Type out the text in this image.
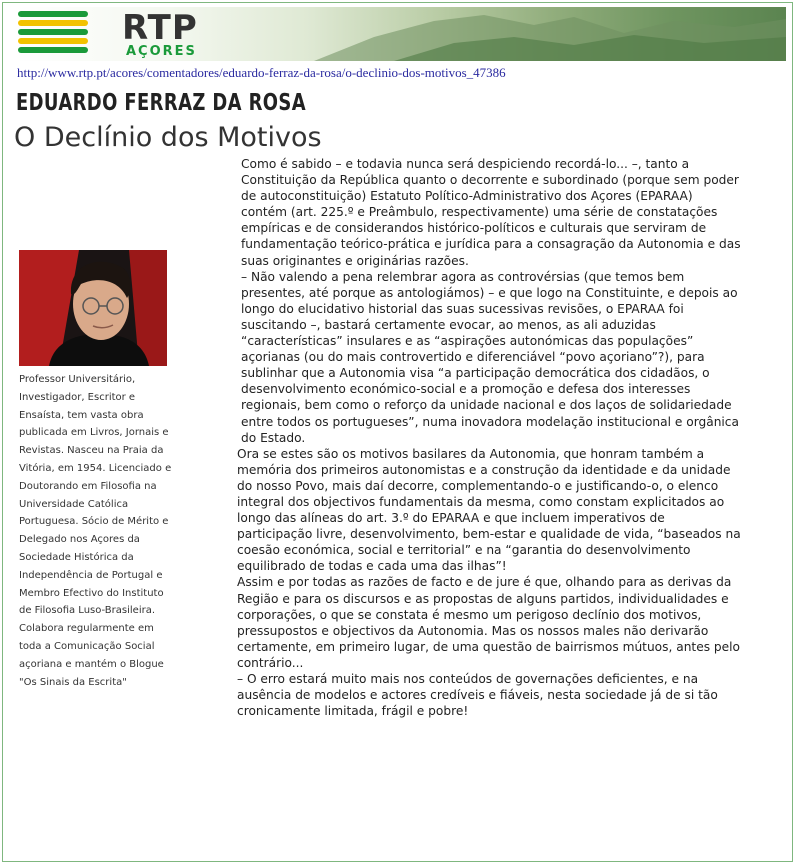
RTP
AÇORES
http://www.rtp.pt/acores/comentadores/eduardo-ferraz-da-rosa/o-declinio-dos-motivos_47386
EDUARDO FERRAZ DA ROSA
O Declínio dos Motivos
Professor Universitário, Investigador, Escritor e Ensaísta, tem vasta obra publicada em Livros, Jornais e Revistas. Nasceu na Praia da Vitória, em 1954. Licenciado e Doutorando em Filosofia na Universidade Católica Portuguesa. Sócio de Mérito e Delegado nos Açores da Sociedade Histórica da Independência de Portugal e Membro Efectivo do Instituto de Filosofia Luso-Brasileira. Colabora regularmente em toda a Comunicação Social açoriana e mantém o Blogue "Os Sinais da Escrita"

Como é sabido – e todavia nunca será despiciendo recordá-lo... –, tanto a Constituição da República quanto o decorrente e subordinado (porque sem poder de autoconstituição) Estatuto Político-Administrativo dos Açores (EPARAA) contém (art. 225.º e Preâmbulo, respectivamente) uma série de constatações empíricas e de considerandos histórico-políticos e culturais que serviram de fundamentação teórico-prática e jurídica para a consagração da Autonomia e das suas originantes e originárias razões.

– Não valendo a pena relembrar agora as controvérsias (que temos bem presentes, até porque as antologiámos) – e que logo na Constituinte, e depois ao longo do elucidativo historial das suas sucessivas revisões, o EPARAA foi suscitando –, bastará certamente evocar, ao menos, as ali aduzidas “características” insulares e as “aspirações autonómicas das populações” açorianas (ou do mais controvertido e diferenciável “povo açoriano”?), para sublinhar que a Autonomia visa “a participação democrática dos cidadãos, o desenvolvimento económico-social e a promoção e defesa dos interesses regionais, bem como o reforço da unidade nacional e dos laços de solidariedade entre todos os portugueses”, numa inovadora modelação institucional e orgânica do Estado.

Ora se estes são os motivos basilares da Autonomia, que honram também a memória dos primeiros autonomistas e a construção da identidade e da unidade do nosso Povo, mais daí decorre, complementando-o e justificando-o, o elenco integral dos objectivos fundamentais da mesma, como constam explicitados ao longo das alíneas do art. 3.º do EPARAA e que incluem imperativos de participação livre, desenvolvimento, bem-estar e qualidade de vida, “baseados na coesão económica, social e territorial” e na “garantia do desenvolvimento equilibrado de todas e cada uma das ilhas”!

Assim e por todas as razões de facto e de jure é que, olhando para as derivas da Região e para os discursos e as propostas de alguns partidos, individualidades e corporações, o que se constata é mesmo um perigoso declínio dos motivos, pressupostos e objectivos da Autonomia. Mas os nossos males não derivarão certamente, em primeiro lugar, de uma questão de bairrismos mútuos, antes pelo contrário...

– O erro estará muito mais nos conteúdos de governações deficientes, e na ausência de modelos e actores credíveis e fiáveis, nesta sociedade já de si tão cronicamente limitada, frágil e pobre!
